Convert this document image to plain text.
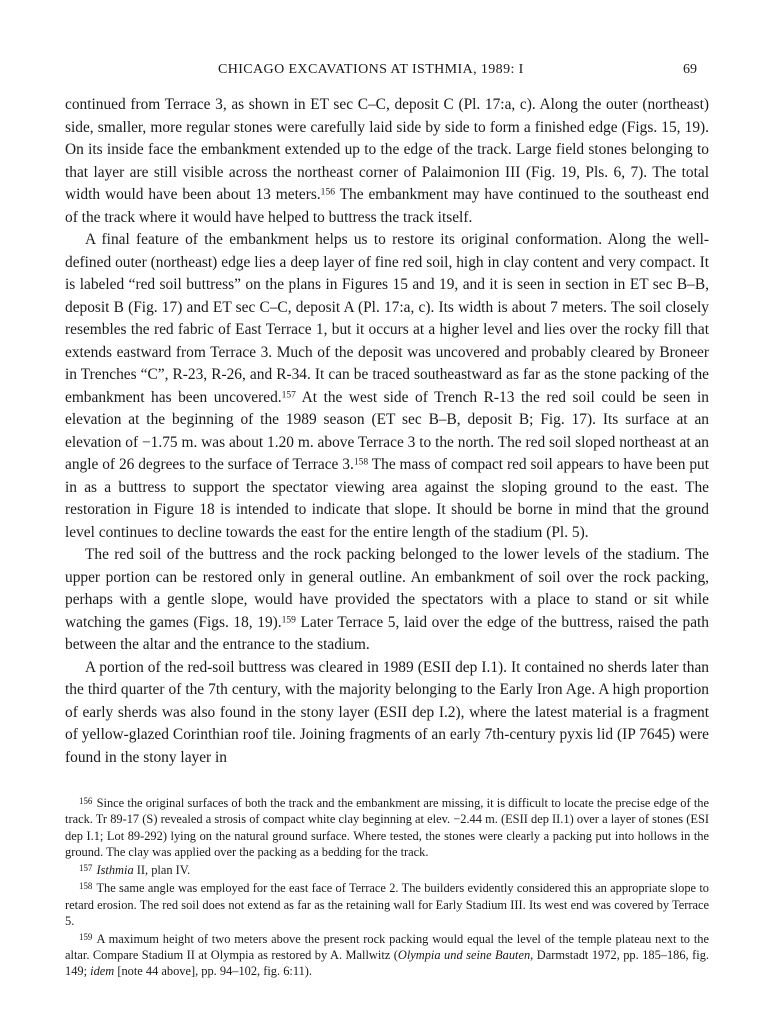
CHICAGO EXCAVATIONS AT ISTHMIA, 1989: I	69

continued from Terrace 3, as shown in ET sec C–C, deposit C (Pl. 17:a, c). Along the outer (northeast) side, smaller, more regular stones were carefully laid side by side to form a finished edge (Figs. 15, 19). On its inside face the embankment extended up to the edge of the track. Large field stones belonging to that layer are still visible across the northeast corner of Palaimonion III (Fig. 19, Pls. 6, 7). The total width would have been about 13 meters.$^{156}$ The embankment may have continued to the southeast end of the track where it would have helped to buttress the track itself.

A final feature of the embankment helps us to restore its original conformation. Along the well-defined outer (northeast) edge lies a deep layer of fine red soil, high in clay content and very compact. It is labeled “red soil buttress” on the plans in Figures 15 and 19, and it is seen in section in ET sec B–B, deposit B (Fig. 17) and ET sec C–C, deposit A (Pl. 17:a, c). Its width is about 7 meters. The soil closely resembles the red fabric of East Terrace 1, but it occurs at a higher level and lies over the rocky fill that extends eastward from Terrace 3. Much of the deposit was uncovered and probably cleared by Broneer in Trenches “C”, R-23, R-26, and R-34. It can be traced southeastward as far as the stone packing of the embankment has been uncovered.$^{157}$ At the west side of Trench R-13 the red soil could be seen in elevation at the beginning of the 1989 season (ET sec B–B, deposit B; Fig. 17). Its surface at an elevation of −1.75 m. was about 1.20 m. above Terrace 3 to the north. The red soil sloped northeast at an angle of 26 degrees to the surface of Terrace 3.$^{158}$ The mass of compact red soil appears to have been put in as a buttress to support the spectator viewing area against the sloping ground to the east. The restoration in Figure 18 is intended to indicate that slope. It should be borne in mind that the ground level continues to decline towards the east for the entire length of the stadium (Pl. 5).

The red soil of the buttress and the rock packing belonged to the lower levels of the stadium. The upper portion can be restored only in general outline. An embankment of soil over the rock packing, perhaps with a gentle slope, would have provided the spectators with a place to stand or sit while watching the games (Figs. 18, 19).$^{159}$ Later Terrace 5, laid over the edge of the buttress, raised the path between the altar and the entrance to the stadium.

A portion of the red-soil buttress was cleared in 1989 (ESII dep I.1). It contained no sherds later than the third quarter of the 7th century, with the majority belonging to the Early Iron Age. A high proportion of early sherds was also found in the stony layer (ESII dep I.2), where the latest material is a fragment of yellow-glazed Corinthian roof tile. Joining fragments of an early 7th-century pyxis lid (IP 7645) were found in the stony layer in

$^{156}$ Since the original surfaces of both the track and the embankment are missing, it is difficult to locate the precise edge of the track. Tr 89-17 (S) revealed a strosis of compact white clay beginning at elev. −2.44 m. (ESII dep II.1) over a layer of stones (ESI dep I.1; Lot 89-292) lying on the natural ground surface. Where tested, the stones were clearly a packing put into hollows in the ground. The clay was applied over the packing as a bedding for the track.

$^{157}$ Isthmia II, plan IV.

$^{158}$ The same angle was employed for the east face of Terrace 2. The builders evidently considered this an appropriate slope to retard erosion. The red soil does not extend as far as the retaining wall for Early Stadium III. Its west end was covered by Terrace 5.

$^{159}$ A maximum height of two meters above the present rock packing would equal the level of the temple plateau next to the altar. Compare Stadium II at Olympia as restored by A. Mallwitz (Olympia und seine Bauten, Darmstadt 1972, pp. 185–186, fig. 149; idem [note 44 above], pp. 94–102, fig. 6:11).
